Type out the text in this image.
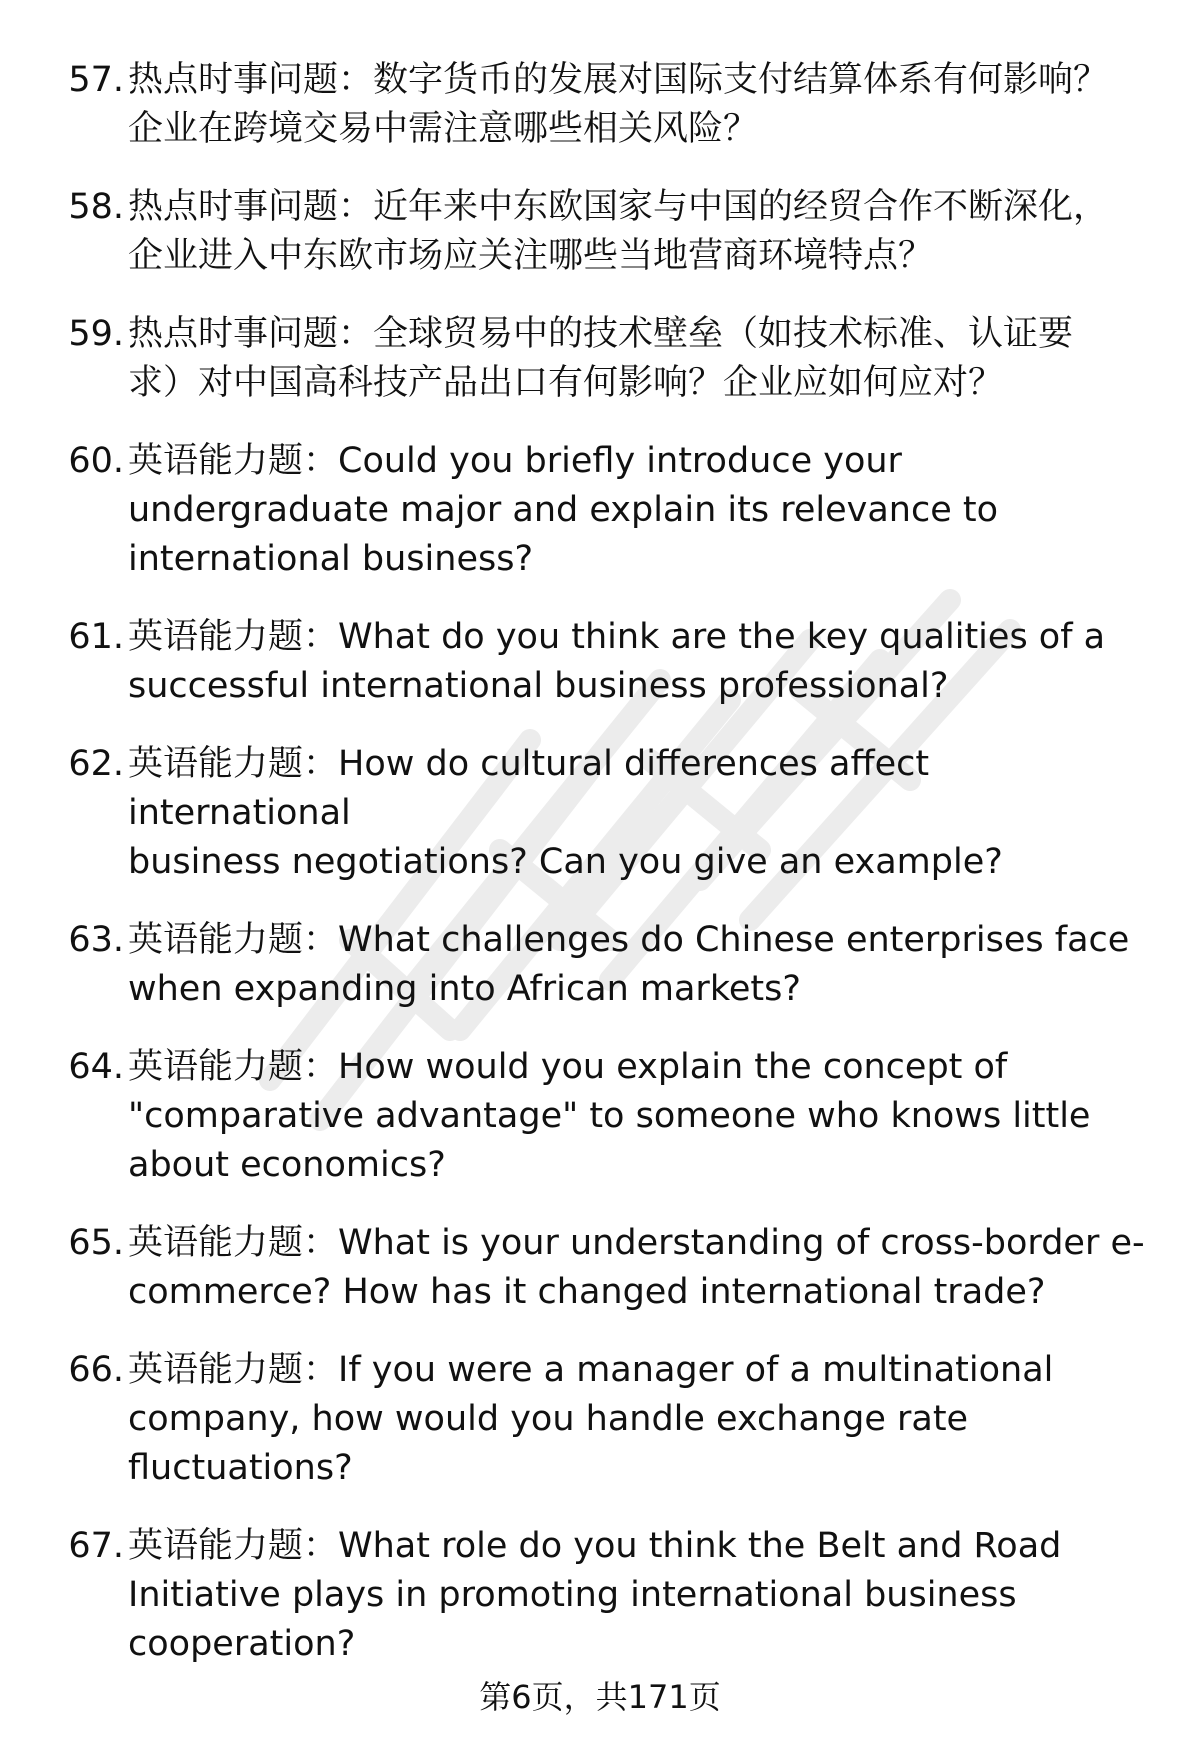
57. 热点时事问题：数字货币的发展对国际支付结算体系有何影响？
企业在跨境交易中需注意哪些相关风险？
58. 热点时事问题：近年来中东欧国家与中国的经贸合作不断深化，
企业进入中东欧市场应关注哪些当地营商环境特点？
59. 热点时事问题：全球贸易中的技术壁垒（如技术标准、认证要
求）对中国高科技产品出口有何影响？企业应如何应对？
60. 英语能力题：Could you briefly introduce your
undergraduate major and explain its relevance to
international business?
61. 英语能力题：What do you think are the key qualities of a
successful international business professional?
62. 英语能力题：How do cultural differences affect international
business negotiations? Can you give an example?
63. 英语能力题：What challenges do Chinese enterprises face
when expanding into African markets?
64. 英语能力题：How would you explain the concept of
"comparative advantage" to someone who knows little
about economics?
65. 英语能力题：What is your understanding of cross-border e-
commerce? How has it changed international trade?
66. 英语能力题：If you were a manager of a multinational
company, how would you handle exchange rate
fluctuations?
67. 英语能力题：What role do you think the Belt and Road
Initiative plays in promoting international business
cooperation?
第6页，共171页
